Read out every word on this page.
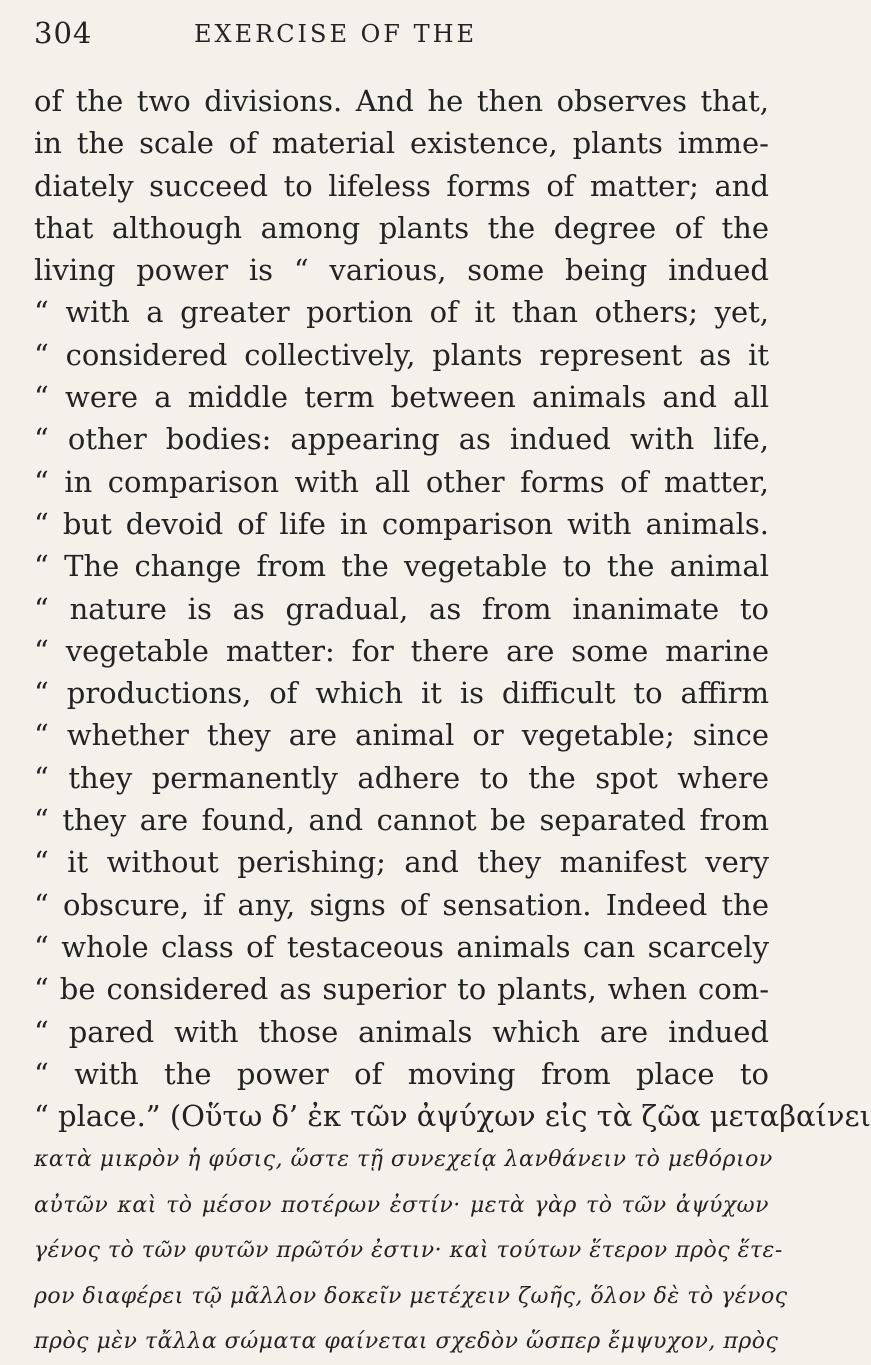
304	EXERCISE OF THE
of the two divisions. And he then observes that,
in the scale of material existence, plants imme-
diately succeed to lifeless forms of matter; and
that although among plants the degree of the
living power is “ various, some being indued
“ with a greater portion of it than others; yet,
“ considered collectively, plants represent as it
“ were a middle term between animals and all
“ other bodies: appearing as indued with life,
“ in comparison with all other forms of matter,
“ but devoid of life in comparison with animals.
“ The change from the vegetable to the animal
“ nature is as gradual, as from inanimate to
“ vegetable matter: for there are some marine
“ productions, of which it is difficult to affirm
“ whether they are animal or vegetable; since
“ they permanently adhere to the spot where
“ they are found, and cannot be separated from
“ it without perishing; and they manifest very
“ obscure, if any, signs of sensation. Indeed the
“ whole class of testaceous animals can scarcely
“ be considered as superior to plants, when com-
“ pared with those animals which are indued
“ with the power of moving from place to
“ place.” (Οὕτω δ’ ἐκ τῶν ἀψύχων εἰς τὰ ζῶα μεταβαίνει
κατὰ μικρὸν ἡ φύσις, ὥστε τῇ συνεχείᾳ λανθάνειν τὸ μεθόριον
αὐτῶν καὶ τὸ μέσον ποτέρων ἐστίν· μετὰ γὰρ τὸ τῶν ἀψύχων
γένος τὸ τῶν φυτῶν πρῶτόν ἐστιν· καὶ τούτων ἕτερον πρὸς ἕτε-
ρον διαφέρει τῷ μᾶλλον δοκεῖν μετέχειν ζωῆς, ὅλον δὲ τὸ γένος
πρὸς μὲν τἄλλα σώματα φαίνεται σχεδὸν ὥσπερ ἔμψυχον, πρὸς
